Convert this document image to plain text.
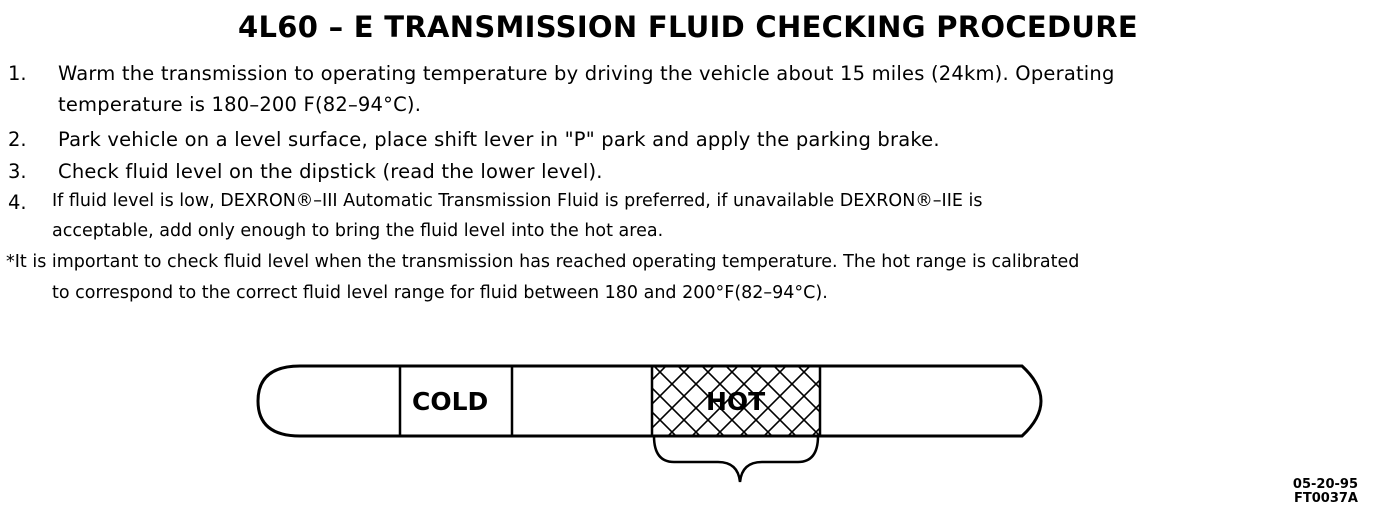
4L60 – E TRANSMISSION FLUID CHECKING PROCEDURE
1. Warm the transmission to operating temperature by driving the vehicle about 15 miles (24km). Operating
temperature is 180–200 F(82–94°C).
2. Park vehicle on a level surface, place shift lever in "P" park and apply the parking brake.
3. Check fluid level on the dipstick (read the lower level).
4. If fluid level is low, DEXRON®–III Automatic Transmission Fluid is preferred, if unavailable DEXRON®–IIE is
acceptable, add only enough to bring the fluid level into the hot area.
*It is important to check fluid level when the transmission has reached operating temperature. The hot range is calibrated
to correspond to the correct fluid level range for fluid between 180 and 200°F(82–94°C).
COLD	HOT
05-20-95
FT0037A
